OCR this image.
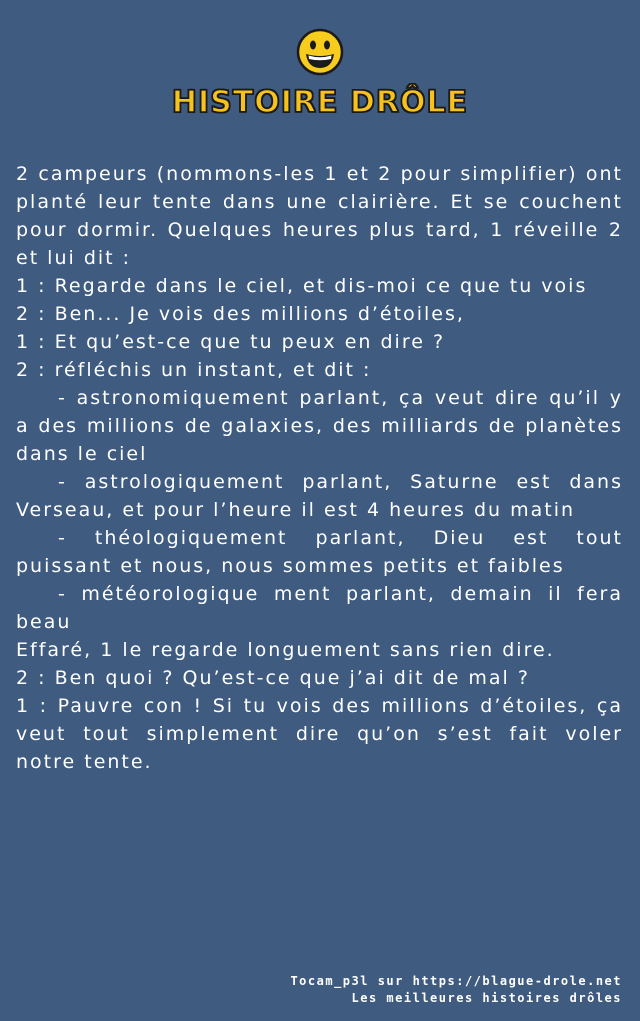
HISTOIRE DRÔLE

2 campeurs (nommons-les 1 et 2 pour simplifier) ont planté leur tente dans une clairière. Et se couchent pour dormir. Quelques heures plus tard, 1 réveille 2 et lui dit :

1 : Regarde dans le ciel, et dis-moi ce que tu vois

2 : Ben... Je vois des millions d’étoiles,

1 : Et qu’est-ce que tu peux en dire ?

2 : réfléchis un instant, et dit :

- astronomiquement parlant, ça veut dire qu’il y a des millions de galaxies, des milliards de planètes dans le ciel

- astrologiquement parlant, Saturne est dans Verseau, et pour l’heure il est 4 heures du matin

- théologiquement parlant, Dieu est tout puissant et nous, nous sommes petits et faibles

- météorologique ment parlant, demain il fera beau

Effaré, 1 le regarde longuement sans rien dire.

2 : Ben quoi ? Qu’est-ce que j’ai dit de mal ?

1 : Pauvre con ! Si tu vois des millions d’étoiles, ça veut tout simplement dire qu’on s’est fait voler notre tente.

Tocam_p3l sur https://blague-drole.net
Les meilleures histoires drôles
